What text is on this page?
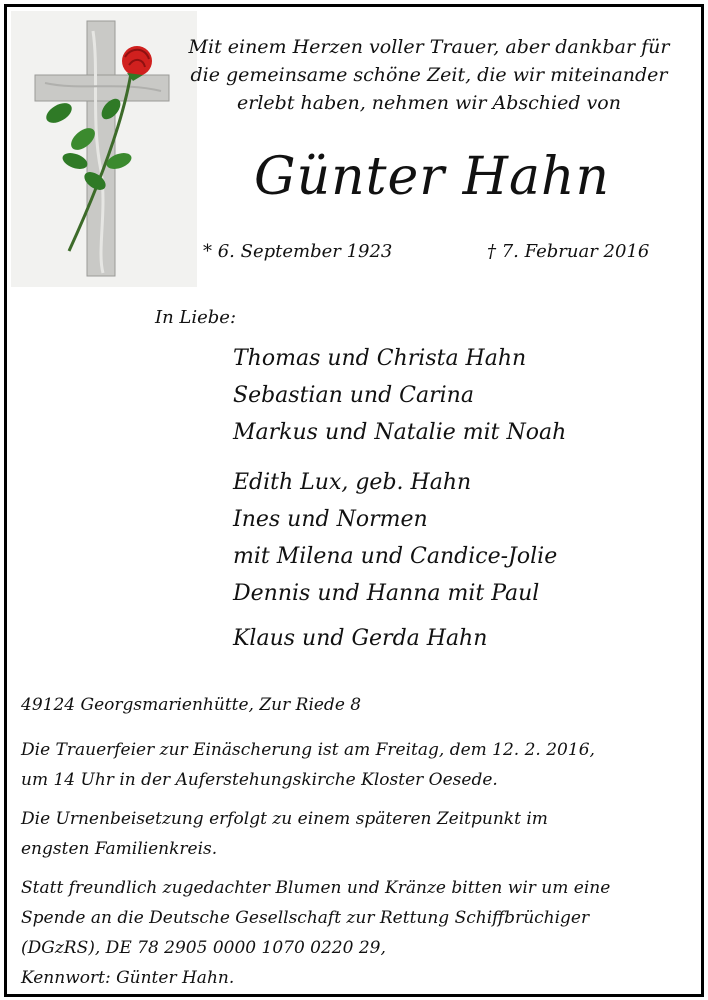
Mit einem Herzen voller Trauer, aber dankbar für
die gemeinsame schöne Zeit, die wir miteinander
erlebt haben, nehmen wir Abschied von
Günter Hahn
* 6. September 1923	† 7. Februar 2016
In Liebe:
Thomas und Christa Hahn
Sebastian und Carina
Markus und Natalie mit Noah
Edith Lux, geb. Hahn
Ines und Normen
mit Milena und Candice-Jolie
Dennis und Hanna mit Paul
Klaus und Gerda Hahn
49124 Georgsmarienhütte, Zur Riede 8
Die Trauerfeier zur Einäscherung ist am Freitag, dem 12. 2. 2016,
um 14 Uhr in der Auferstehungskirche Kloster Oesede.
Die Urnenbeisetzung erfolgt zu einem späteren Zeitpunkt im
engsten Familienkreis.
Statt freundlich zugedachter Blumen und Kränze bitten wir um eine
Spende an die Deutsche Gesellschaft zur Rettung Schiffbrüchiger
(DGzRS), DE 78 2905 0000 1070 0220 29,
Kennwort: Günter Hahn.
